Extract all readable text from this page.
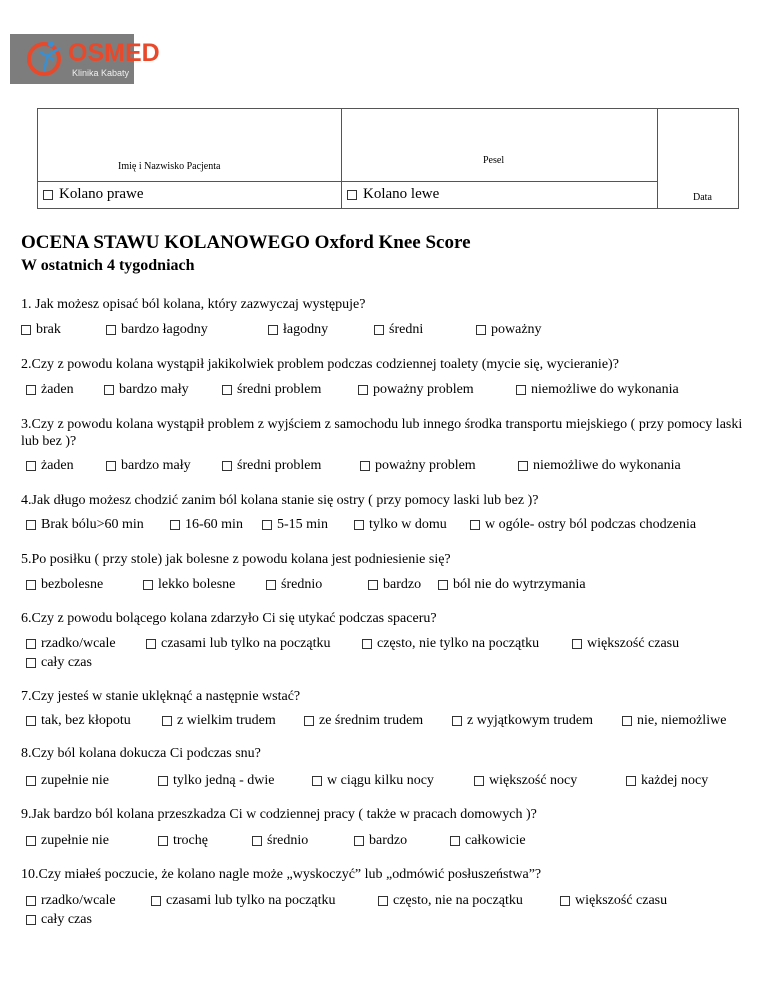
OSMED
Klinika Kabaty
Imię i Nazwisko Pacjenta
Pesel
Data
Kolano prawe	Kolano lewe
OCENA STAWU KOLANOWEGO Oxford Knee Score
W ostatnich 4 tygodniach
1. Jak możesz opisać ból kolana, który zazwyczaj występuje?
brak	bardzo łagodny	łagodny	średni	poważny
2.Czy z powodu kolana wystąpił jakikolwiek problem podczas codziennej toalety (mycie się, wycieranie)?
żaden	bardzo mały	średni problem	poważny problem	niemożliwe do wykonania
3.Czy z powodu kolana wystąpił problem z wyjściem z samochodu lub innego środka transportu miejskiego ( przy pomocy laski lub bez )?
żaden	bardzo mały	średni problem	poważny problem	niemożliwe do wykonania
4.Jak długo możesz chodzić zanim ból kolana stanie się ostry ( przy pomocy laski lub bez )?
Brak bólu>60 min	16-60 min 5-15 min	tylko w domu	w ogóle- ostry ból podczas chodzenia
5.Po posiłku ( przy stole) jak bolesne z powodu kolana jest podniesienie się?
bezbolesne	lekko bolesne	średnio	bardzo ból nie do wytrzymania
6.Czy z powodu bolącego kolana zdarzyło Ci się utykać podczas spaceru?
rzadko/wcale	czasami lub tylko na początku	często, nie tylko na początku	większość czasu
cały czas
7.Czy jesteś w stanie uklęknąć a następnie wstać?
tak, bez kłopotu	z wielkim trudem	ze średnim trudem	z wyjątkowym trudem	nie, niemożliwe
8.Czy ból kolana dokucza Ci podczas snu?
zupełnie nie	tylko jedną - dwie	w ciągu kilku nocy	większość nocy	każdej nocy
9.Jak bardzo ból kolana przeszkadza Ci w codziennej pracy ( także w pracach domowych )?
zupełnie nie	trochę	średnio	bardzo	całkowicie
10.Czy miałeś poczucie, że kolano nagle może „wyskoczyć” lub „odmówić posłuszeństwa”?
rzadko/wcale	czasami lub tylko na początku	często, nie na początku	większość czasu
cały czas
